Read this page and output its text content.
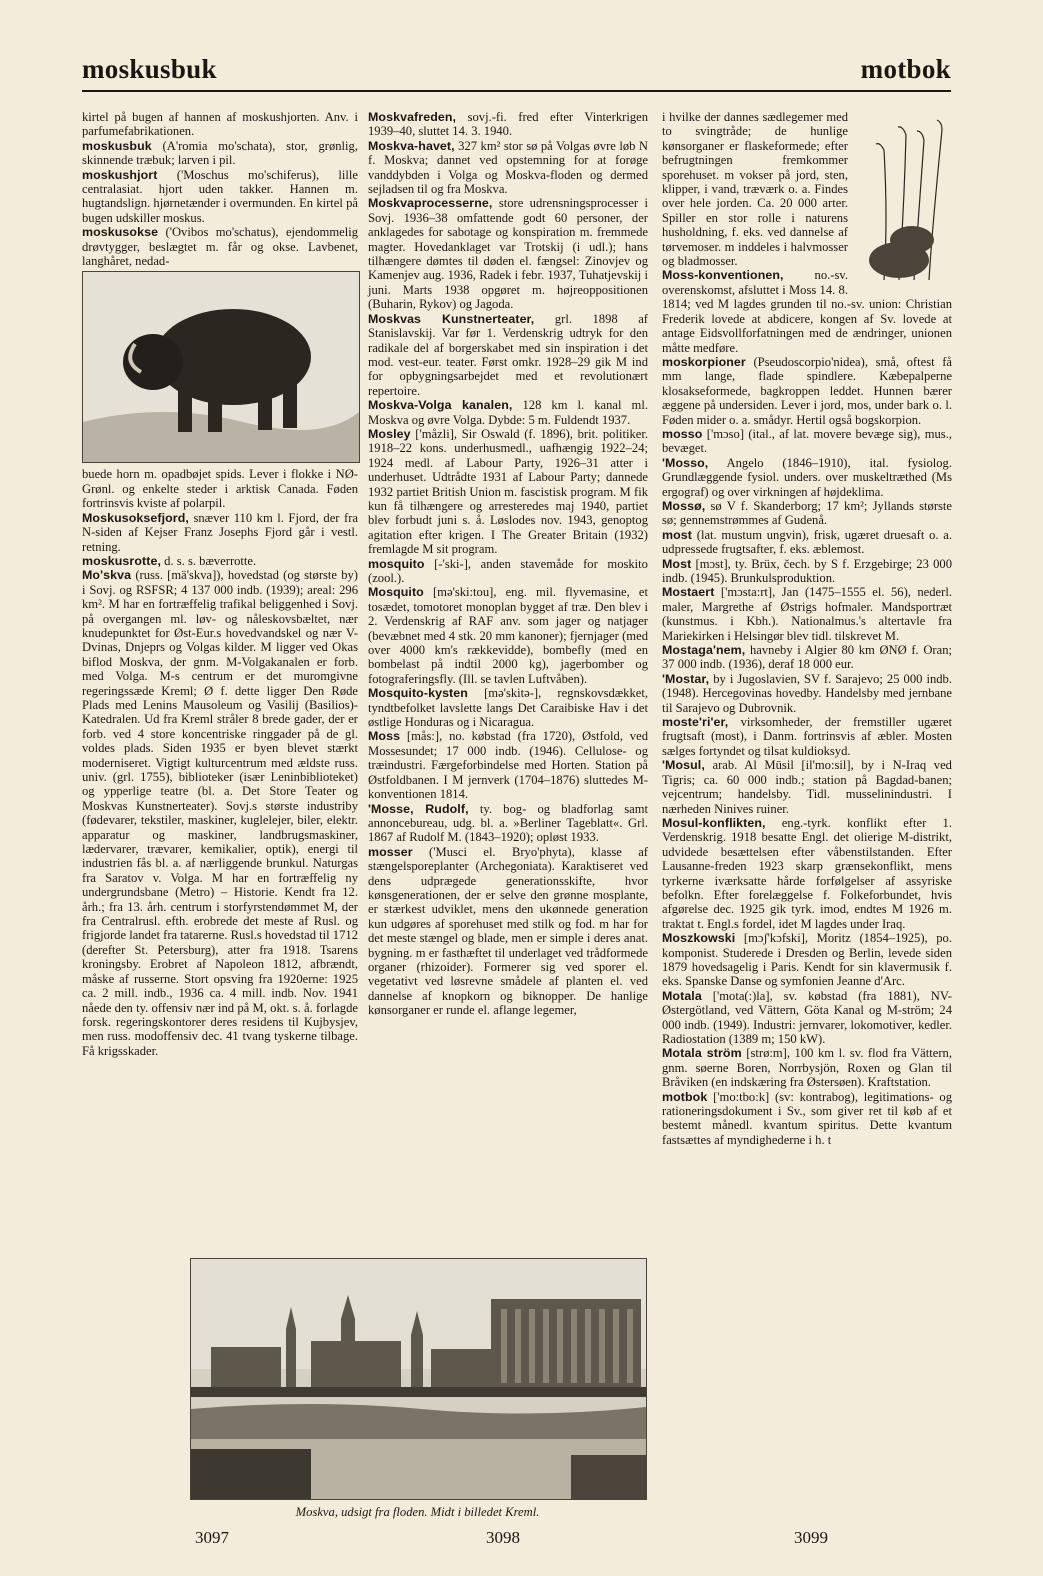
moskusbuk	motbok

kirtel på bugen af hannen af moskushjorten. Anv. i parfumefabrikationen.

moskusbuk (A'romia mo'schata), stor, grønlig, skinnende træbuk; larven i pil.

moskushjort ('Moschus mo'schiferus), lille centralasiat. hjort uden takker. Hannen m. hugtandslign. hjørnetænder i overmunden. En kirtel på bugen udskiller moskus.

moskusokse ('Ovibos mo'schatus), ejendommelig drøvtygger, beslægtet m. får og okse. Lavbenet, langhåret, nedad-

buede horn m. opadbøjet spids. Lever i flokke i NØ-Grønl. og enkelte steder i arktisk Canada. Føden fortrinsvis kviste af polarpil.

Moskusoksefjord, snæver 110 km l. Fjord, der fra N-siden af Kejser Franz Josephs Fjord går i vestl. retning.

moskusrotte, d. s. s. bæverrotte.

Mo'skva (russ. [mä'skva]), hovedstad (og største by) i Sovj. og RSFSR; 4 137 000 indb. (1939); areal: 296 km². M har en fortræffelig trafikal beliggenhed i Sovj. på overgangen ml. løv- og nåleskovsbæltet, nær knudepunktet for Øst-Eur.s hovedvandskel og nær V-Dvinas, Dnjeprs og Volgas kilder. M ligger ved Okas biflod Moskva, der gnm. M-Volgakanalen er forb. med Volga. M-s centrum er det muromgivne regeringssæde Kreml; Ø f. dette ligger Den Røde Plads med Lenins Mausoleum og Vasilij (Basilios)-Katedralen. Ud fra Kreml stråler 8 brede gader, der er forb. ved 4 store koncentriske ringgader på de gl. voldes plads. Siden 1935 er byen blevet stærkt moderniseret. Vigtigt kulturcentrum med ældste russ. univ. (grl. 1755), biblioteker (især Leninbiblioteket) og ypperlige teatre (bl. a. Det Store Teater og Moskvas Kunstnerteater). Sovj.s største industriby (fødevarer, tekstiler, maskiner, kuglelejer, biler, elektr. apparatur og maskiner, landbrugsmaskiner, lædervarer, trævarer, kemikalier, optik), energi til industrien fås bl. a. af nærliggende brunkul. Naturgas fra Saratov v. Volga. M har en fortræffelig ny undergrundsbane (Metro) – Historie. Kendt fra 12. årh.; fra 13. årh. centrum i storfyrstendømmet M, der fra Centralrusl. efth. erobrede det meste af Rusl. og frigjorde landet fra tatarerne. Rusl.s hovedstad til 1712 (derefter St. Petersburg), atter fra 1918. Tsarens kroningsby. Erobret af Napoleon 1812, afbrændt, måske af russerne. Stort opsving fra 1920erne: 1925 ca. 2 mill. indb., 1936 ca. 4 mill. indb. Nov. 1941 nåede den ty. offensiv nær ind på M, okt. s. å. forlagde forsk. regeringskontorer deres residens til Kujbysjev, men russ. modoffensiv dec. 41 tvang tyskerne tilbage. Få krigsskader.

Moskvafreden, sovj.-fi. fred efter Vinterkrigen 1939–40, sluttet 14. 3. 1940.

Moskva-havet, 327 km² stor sø på Volgas øvre løb N f. Moskva; dannet ved opstemning for at forøge vanddybden i Volga og Moskva-floden og dermed sejladsen til og fra Moskva.

Moskvaprocesserne, store udrensningsprocesser i Sovj. 1936–38 omfattende godt 60 personer, der anklagedes for sabotage og konspiration m. fremmede magter. Hovedanklaget var Trotskij (i udl.); hans tilhængere dømtes til døden el. fængsel: Zinovjev og Kamenjev aug. 1936, Radek i febr. 1937, Tuhatjevskij i juni. Marts 1938 opgøret m. højreoppositionen (Buharin, Rykov) og Jagoda.

Moskvas Kunstnerteater, grl. 1898 af Stanislavskij. Var før 1. Verdenskrig udtryk for den radikale del af borgerskabet med sin inspiration i det mod. vest-eur. teater. Først omkr. 1928–29 gik M ind for opbygningsarbejdet med et revolutionært repertoire.

Moskva-Volga kanalen, 128 km l. kanal ml. Moskva og øvre Volga. Dybde: 5 m. Fuldendt 1937.

Mosley ['måzli], Sir Oswald (f. 1896), brit. politiker. 1918–22 kons. underhusmedl., uafhængig 1922–24; 1924 medl. af Labour Party, 1926–31 atter i underhuset. Udtrådte 1931 af Labour Party; dannede 1932 partiet British Union m. fascistisk program. M fik kun få tilhængere og arresteredes maj 1940, partiet blev forbudt juni s. å. Løslodes nov. 1943, genoptog agitation efter krigen. I The Greater Britain (1932) fremlagde M sit program.

mosquito [-'ski-], anden stavemåde for moskito (zool.).

Mosquito [mə'ski:tou], eng. mil. flyvemasine, et tosædet, tomotoret monoplan bygget af træ. Den blev i 2. Verdenskrig af RAF anv. som jager og natjager (bevæbnet med 4 stk. 20 mm kanoner); fjernjager (med over 4000 km's rækkevidde), bombefly (med en bombelast på indtil 2000 kg), jagerbomber og fotograferingsfly. (Ill. se tavlen Luftvåben).

Mosquito-kysten [mə'skitə-], regnskovsdækket, tyndtbefolket lavslette langs Det Caraibiske Hav i det østlige Honduras og i Nicaragua.

Moss [mås:], no. købstad (fra 1720), Østfold, ved Mossesundet; 17 000 indb. (1946). Cellulose- og træindustri. Færgeforbindelse med Horten. Station på Østfoldbanen. I M jernverk (1704–1876) sluttedes M-konventionen 1814.

'Mosse, Rudolf, ty. bog- og bladforlag samt annoncebureau, udg. bl. a. »Berliner Tageblatt«. Grl. 1867 af Rudolf M. (1843–1920); opløst 1933.

mosser ('Musci el. Bryo'phyta), klasse af stængelsporeplanter (Archegoniata). Karaktiseret ved dens udprægede generationsskifte, hvor kønsgenerationen, der er selve den grønne mosplante, er stærkest udviklet, mens den ukønnede generation kun udgøres af sporehuset med stilk og fod. m har for det meste stængel og blade, men er simple i deres anat. bygning. m er fasthæftet til underlaget ved trådformede organer (rhizoider). Formerer sig ved sporer el. vegetativt ved løsrevne smådele af planten el. ved dannelse af knopkorn og biknopper. De hanlige kønsorganer er runde el. aflange legemer,

i hvilke der dannes sædlegemer med to svingtråde; de hunlige kønsorganer er flaskeformede; efter befrugtningen fremkommer sporehuset. m vokser på jord, sten, klipper, i vand, træværk o. a. Findes over hele jorden. Ca. 20 000 arter. Spiller en stor rolle i naturens husholdning, f. eks. ved dannelse af tørvemoser. m inddeles i halvmosser og bladmosser.

Moss-konventionen, no.-sv. overenskomst, afsluttet i Moss 14. 8. 1814; ved M lagdes grunden til no.-sv. union: Christian Frederik lovede at abdicere, kongen af Sv. lovede at antage Eidsvollforfatningen med de ændringer, unionen måtte medføre.

moskorpioner (Pseudoscorpio'nidea), små, oftest få mm lange, flade spindlere. Kæbepalperne klosakseformede, bagkroppen leddet. Hunnen bærer æggene på undersiden. Lever i jord, mos, under bark o. l. Føden mider o. a. smådyr. Hertil også bogskorpion.

mosso ['mɔso] (ital., af lat. movere bevæge sig), mus., bevæget.

'Mosso, Angelo (1846–1910), ital. fysiolog. Grundlæggende fysiol. unders. over muskeltræthed (Ms ergograf) og over virkningen af højdeklima.

Mossø, sø V f. Skanderborg; 17 km²; Jyllands største sø; gennemstrømmes af Gudenå.

most (lat. mustum ungvin), frisk, ugæret druesaft o. a. udpressede frugtsafter, f. eks. æblemost.

Most [mɔst], ty. Brüx, čech. by S f. Erzgebirge; 23 000 indb. (1945). Brunkulsproduktion.

Mostaert ['mɔsta:rt], Jan (1475–1555 el. 56), nederl. maler, Margrethe af Østrigs hofmaler. Mandsportræt (kunstmus. i Kbh.). Nationalmus.'s altertavle fra Mariekirken i Helsingør blev tidl. tilskrevet M.

Mostaga'nem, havneby i Algier 80 km ØNØ f. Oran; 37 000 indb. (1936), deraf 18 000 eur.

'Mostar, by i Jugoslavien, SV f. Sarajevo; 25 000 indb. (1948). Hercegovinas hovedby. Handelsby med jernbane til Sarajevo og Dubrovnik.

moste'ri'er, virksomheder, der fremstiller ugæret frugtsaft (most), i Danm. fortrinsvis af æbler. Mosten sælges fortyndet og tilsat kuldioksyd.

'Mosul, arab. Al Mūsil [il'mo:sil], by i N-Iraq ved Tigris; ca. 60 000 indb.; station på Bagdad-banen; vejcentrum; handelsby. Tidl. musselinindustri. I nærheden Ninives ruiner.

Mosul-konflikten, eng.-tyrk. konflikt efter 1. Verdenskrig. 1918 besatte Engl. det olierige M-distrikt, udvidede besættelsen efter våbenstilstanden. Efter Lausanne-freden 1923 skarp grænsekonflikt, mens tyrkerne iværksatte hårde forfølgelser af assyriske befolkn. Efter forelæggelse f. Folkeforbundet, hvis afgørelse dec. 1925 gik tyrk. imod, endtes M 1926 m. traktat t. Engl.s fordel, idet M lagdes under Iraq.

Moszkowski [mɔʃ'kɔfski], Moritz (1854–1925), po. komponist. Studerede i Dresden og Berlin, levede siden 1879 hovedsagelig i Paris. Kendt for sin klavermusik f. eks. Spanske Danse og symfonien Jeanne d'Arc.

Motala ['mota(:)la], sv. købstad (fra 1881), NV-Østergötland, ved Vättern, Göta Kanal og M-ström; 24 000 indb. (1949). Industri: jernvarer, lokomotiver, kedler. Radiostation (1389 m; 150 kW).

Motala ström [strø:m], 100 km l. sv. flod fra Vättern, gnm. søerne Boren, Norrbysjön, Roxen og Glan til Bråviken (en indskæring fra Østersøen). Kraftstation.

motbok ['mo:tbo:k] (sv: kontrabog), legitimations- og rationeringsdokument i Sv., som giver ret til køb af et bestemt månedl. kvantum spiritus. Dette kvantum fastsættes af myndighederne i h. t

Moskva, udsigt fra floden. Midt i billedet Kreml.
3097	3098	3099
